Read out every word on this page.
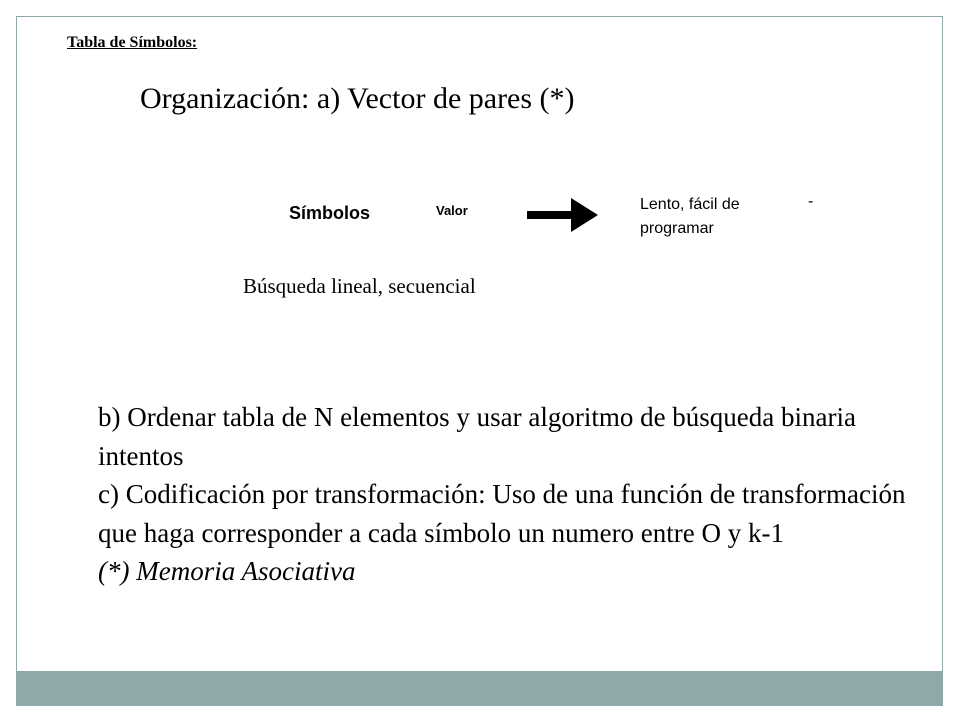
Tabla de Símbolos:
Organización: a) Vector de pares (*)
Símbolos	Valor	Lento, fácil de programar
-
Búsqueda lineal, secuencial

b) Ordenar tabla de N elementos y usar algoritmo de búsqueda binaria intentos

c) Codificación por transformación: Uso de una función de transformación que haga corresponder a cada símbolo un numero entre O y k-1

(*) Memoria Asociativa
